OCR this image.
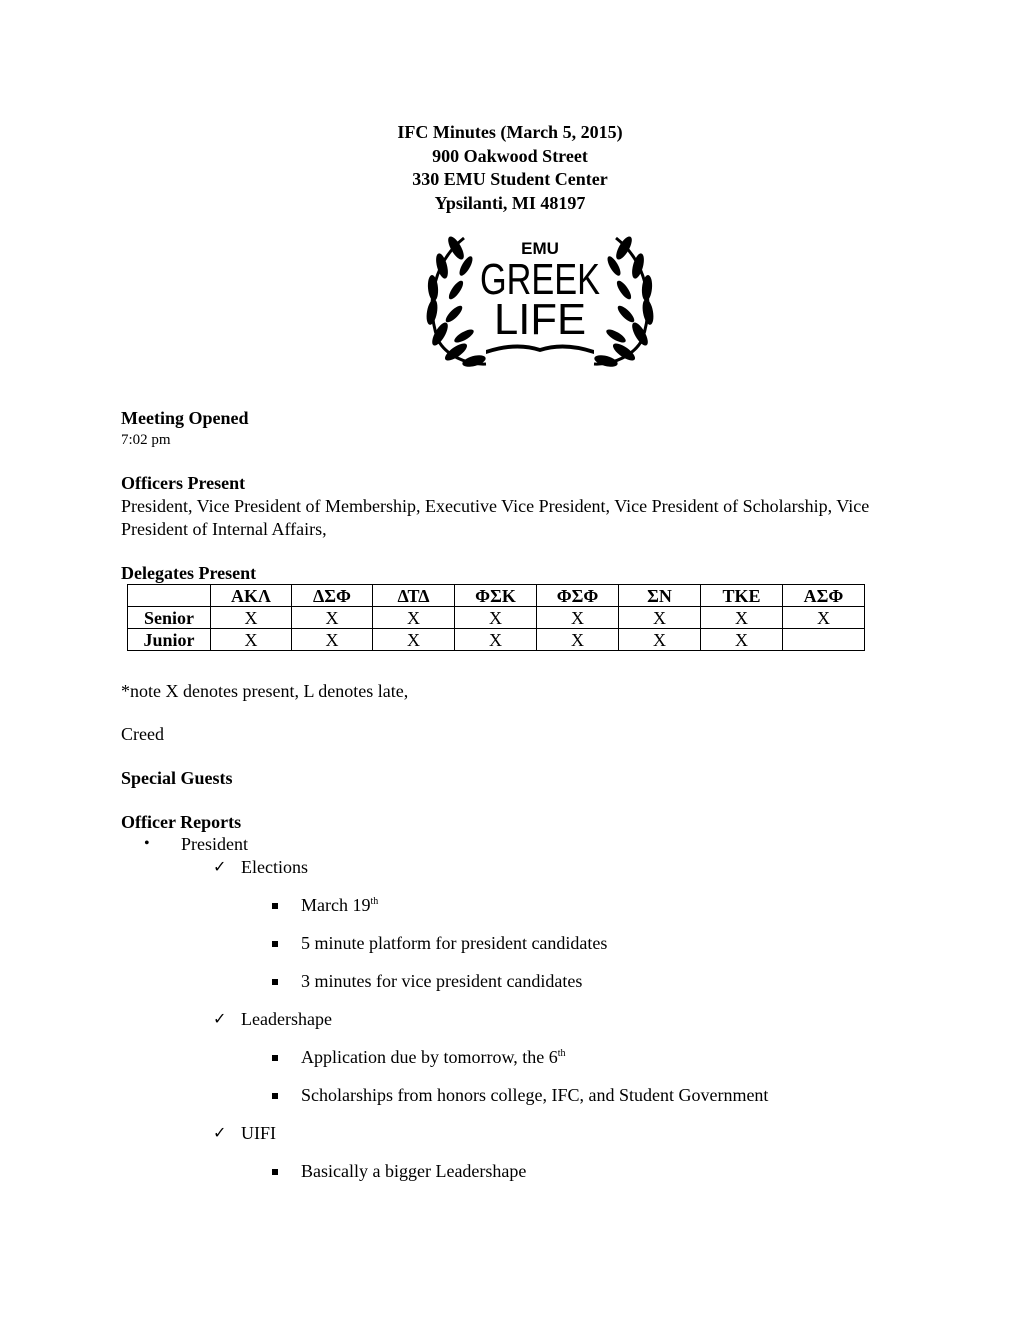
IFC Minutes (March 5, 2015)
900 Oakwood Street
330 EMU Student Center
Ypsilanti, MI 48197
EMU
GREEK
LIFE
Meeting Opened
7:02 pm
Officers Present
President, Vice President of Membership, Executive Vice President, Vice President of Scholarship, Vice President of Internal Affairs,
Delegates Present
	ΑΚΛ	ΔΣΦ	ΔΤΔ	ΦΣΚ	ΦΣΦ	ΣΝ	ΤΚΕ	ΑΣΦ
Senior	X	X	X	X	X	X	X	X
Junior	X	X	X	X	X	X	X	
*note X denotes present, L denotes late,
Creed
Special Guests
Officer Reports
• President
✓ Elections
March 19th
5 minute platform for president candidates
3 minutes for vice president candidates
✓ Leadershape
Application due by tomorrow, the 6th
Scholarships from honors college, IFC, and Student Government
✓ UIFI
Basically a bigger Leadershape
